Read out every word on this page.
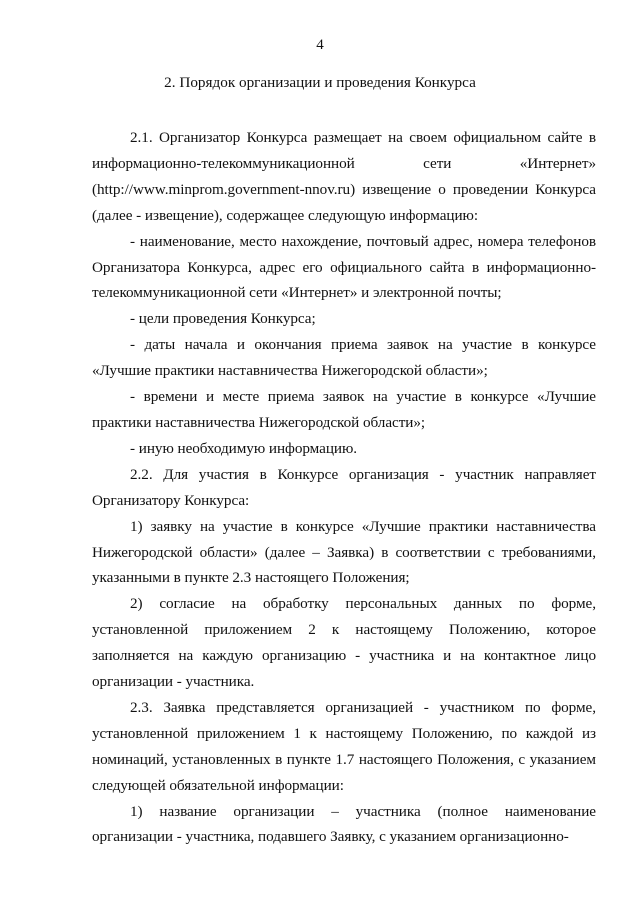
4
2. Порядок организации и проведения Конкурса

2.1. Организатор Конкурса размещает на своем официальном сайте в информационно-телекоммуникационной сети «Интернет» (http://www.minprom.government-nnov.ru) извещение о проведении Конкурса (далее - извещение), содержащее следующую информацию:

- наименование, место нахождение, почтовый адрес, номера телефонов Организатора Конкурса, адрес его официального сайта в информационно-телекоммуникационной сети «Интернет» и электронной почты;

- цели проведения Конкурса;

- даты начала и окончания приема заявок на участие в конкурсе «Лучшие практики наставничества Нижегородской области»;

- времени и месте приема заявок на участие в конкурсе «Лучшие практики наставничества Нижегородской области»;

- иную необходимую информацию.

2.2. Для участия в Конкурсе организация - участник направляет Организатору Конкурса:

1) заявку на участие в конкурсе «Лучшие практики наставничества Нижегородской области» (далее – Заявка) в соответствии с требованиями, указанными в пункте 2.3 настоящего Положения;

2) согласие на обработку персональных данных по форме, установленной приложением 2 к настоящему Положению, которое заполняется на каждую организацию - участника и на контактное лицо организации - участника.

2.3. Заявка представляется организацией - участником по форме, установленной приложением 1 к настоящему Положению, по каждой из номинаций, установленных в пункте 1.7 настоящего Положения, с указанием следующей обязательной информации:

1) название организации – участника (полное наименование организации - участника, подавшего Заявку, с указанием организационно-
